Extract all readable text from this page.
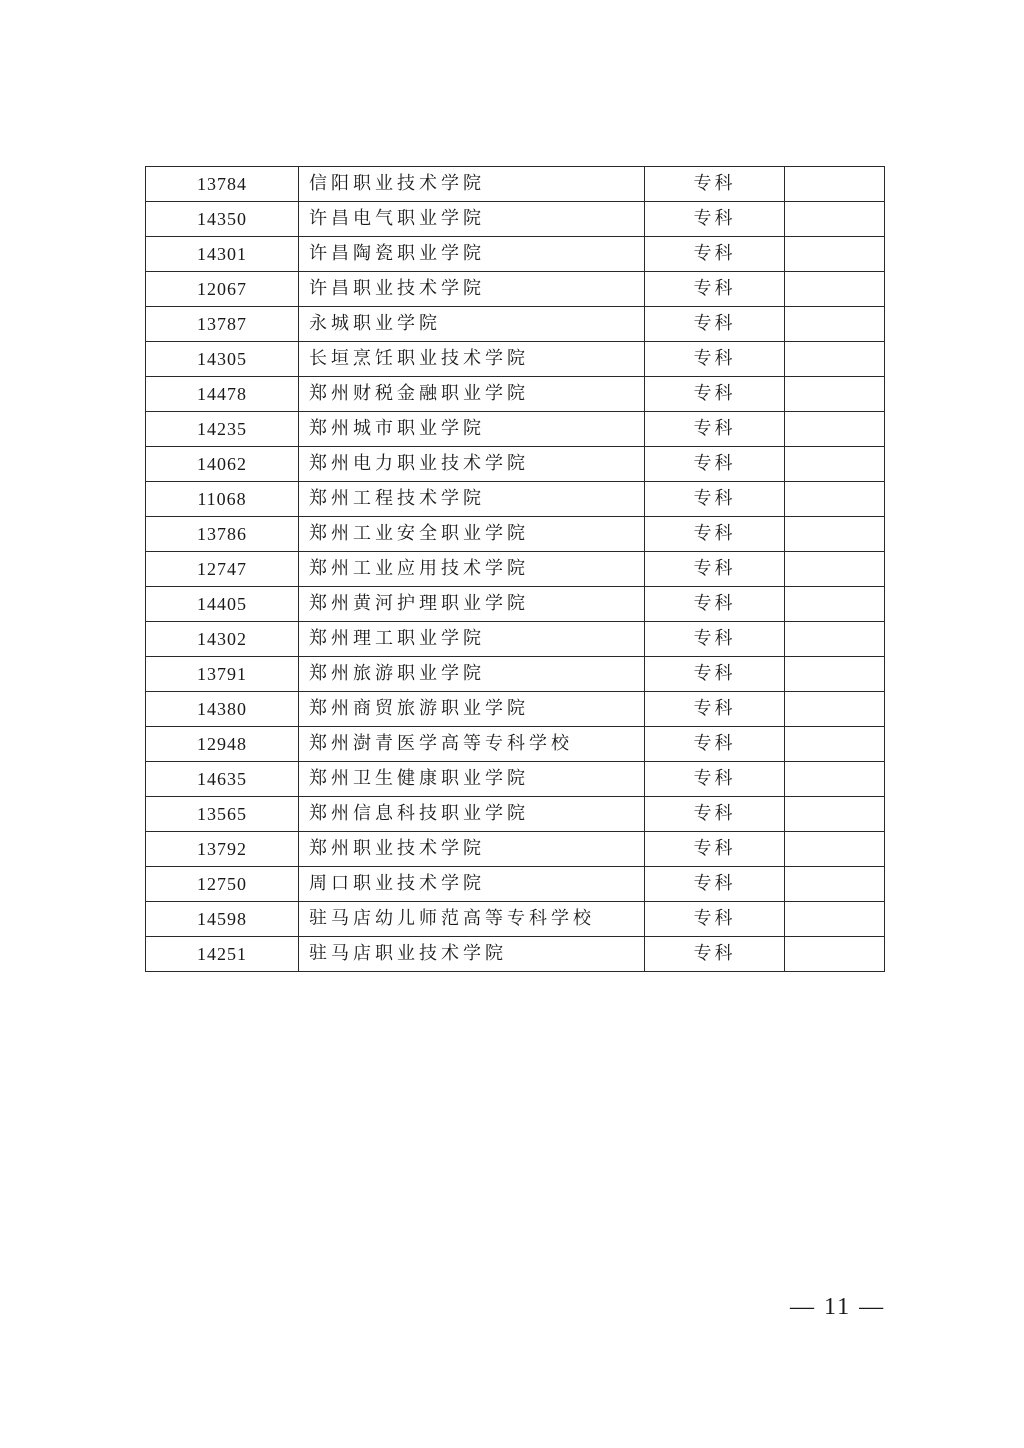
13784	信阳职业技术学院	专科	
14350	许昌电气职业学院	专科	
14301	许昌陶瓷职业学院	专科	
12067	许昌职业技术学院	专科	
13787	永城职业学院	专科	
14305	长垣烹饪职业技术学院	专科	
14478	郑州财税金融职业学院	专科	
14235	郑州城市职业学院	专科	
14062	郑州电力职业技术学院	专科	
11068	郑州工程技术学院	专科	
13786	郑州工业安全职业学院	专科	
12747	郑州工业应用技术学院	专科	
14405	郑州黄河护理职业学院	专科	
14302	郑州理工职业学院	专科	
13791	郑州旅游职业学院	专科	
14380	郑州商贸旅游职业学院	专科	
12948	郑州澍青医学高等专科学校	专科	
14635	郑州卫生健康职业学院	专科	
13565	郑州信息科技职业学院	专科	
13792	郑州职业技术学院	专科	
12750	周口职业技术学院	专科	
14598	驻马店幼儿师范高等专科学校	专科	
14251	驻马店职业技术学院	专科	
— 11 —
